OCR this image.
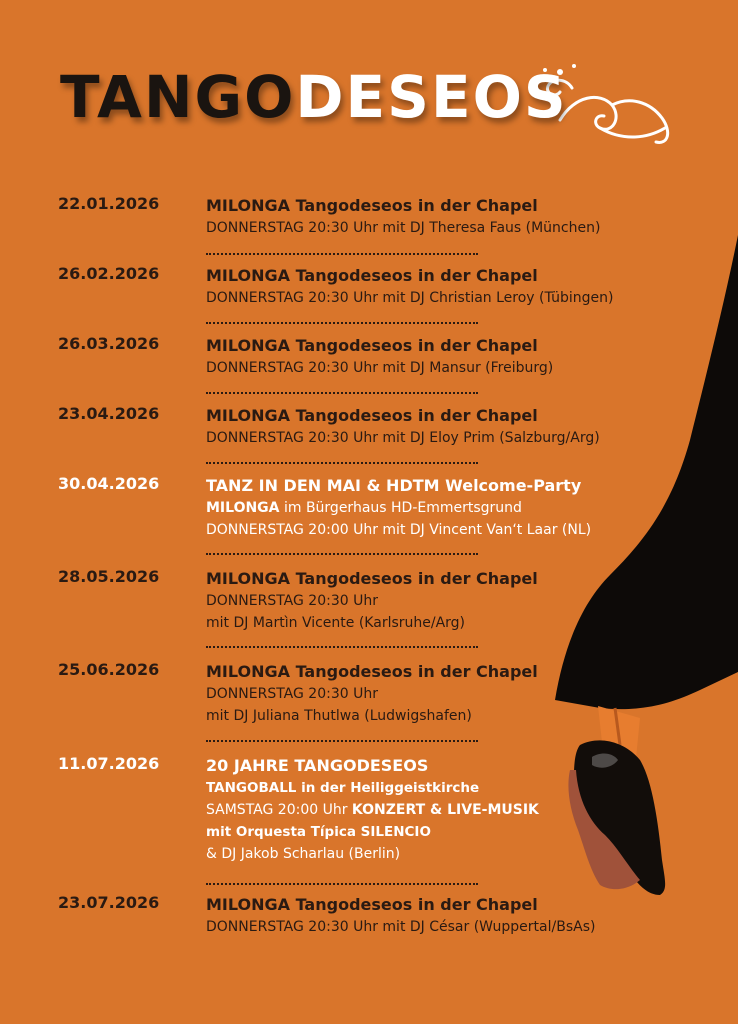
TANGODESEOS
22.01.2026	MILONGA Tangodeseos in der Chapel
DONNERSTAG 20:30 Uhr mit DJ Theresa Faus (München)
26.02.2026	MILONGA Tangodeseos in der Chapel
DONNERSTAG 20:30 Uhr mit DJ Christian Leroy (Tübingen)
26.03.2026	MILONGA Tangodeseos in der Chapel
DONNERSTAG 20:30 Uhr mit DJ Mansur (Freiburg)
23.04.2026	MILONGA Tangodeseos in der Chapel
DONNERSTAG 20:30 Uhr mit DJ Eloy Prim (Salzburg/Arg)
30.04.2026	TANZ IN DEN MAI & HDTM Welcome-Party
MILONGA im Bürgerhaus HD-Emmertsgrund
DONNERSTAG 20:00 Uhr mit DJ Vincent Van‘t Laar (NL)
28.05.2026	MILONGA Tangodeseos in der Chapel
DONNERSTAG 20:30 Uhr
mit DJ Martìn Vicente (Karlsruhe/Arg)
25.06.2026	MILONGA Tangodeseos in der Chapel
DONNERSTAG 20:30 Uhr
mit DJ Juliana Thutlwa (Ludwigshafen)
11.07.2026	20 JAHRE TANGODESEOS
TANGOBALL in der Heiliggeistkirche
SAMSTAG 20:00 Uhr KONZERT & LIVE-MUSIK
mit Orquesta Típica SILENCIO
& DJ Jakob Scharlau (Berlin)
23.07.2026	MILONGA Tangodeseos in der Chapel
DONNERSTAG 20:30 Uhr mit DJ César (Wuppertal/BsAs)
